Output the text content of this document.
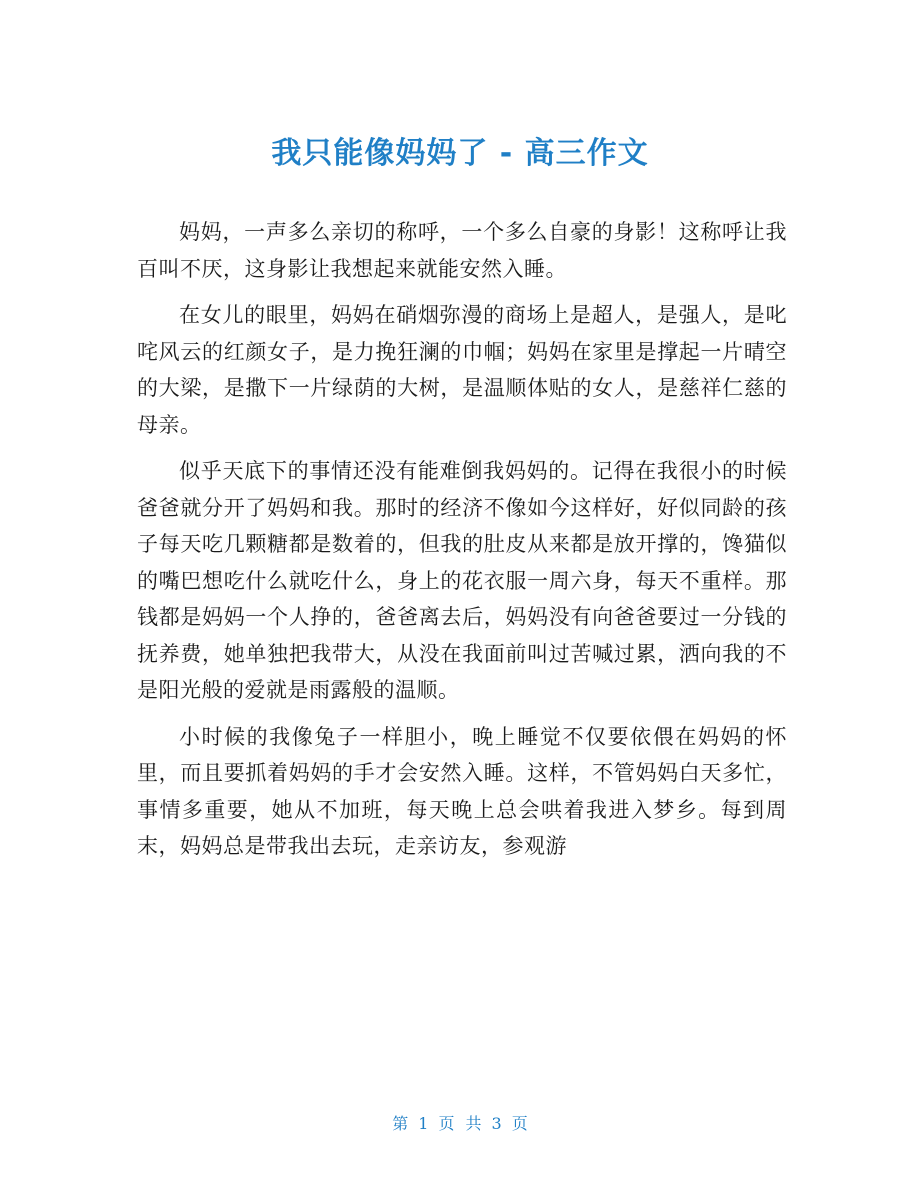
我只能像妈妈了 - 高三作文

妈妈，一声多么亲切的称呼，一个多么自豪的身影！这称呼让我百叫不厌，这身影让我想起来就能安然入睡。

在女儿的眼里，妈妈在硝烟弥漫的商场上是超人，是强人，是叱咤风云的红颜女子，是力挽狂澜的巾帼；妈妈在家里是撑起一片晴空的大梁，是撒下一片绿荫的大树，是温顺体贴的女人，是慈祥仁慈的母亲。

似乎天底下的事情还没有能难倒我妈妈的。记得在我很小的时候爸爸就分开了妈妈和我。那时的经济不像如今这样好，好似同龄的孩子每天吃几颗糖都是数着的，但我的肚皮从来都是放开撑的，馋猫似的嘴巴想吃什么就吃什么，身上的花衣服一周六身，每天不重样。那钱都是妈妈一个人挣的，爸爸离去后，妈妈没有向爸爸要过一分钱的抚养费，她单独把我带大，从没在我面前叫过苦喊过累，洒向我的不是阳光般的爱就是雨露般的温顺。

小时候的我像兔子一样胆小，晚上睡觉不仅要依偎在妈妈的怀里，而且要抓着妈妈的手才会安然入睡。这样，不管妈妈白天多忙，事情多重要，她从不加班，每天晚上总会哄着我进入梦乡。每到周末，妈妈总是带我出去玩，走亲访友，参观游

第 1 页 共 3 页
